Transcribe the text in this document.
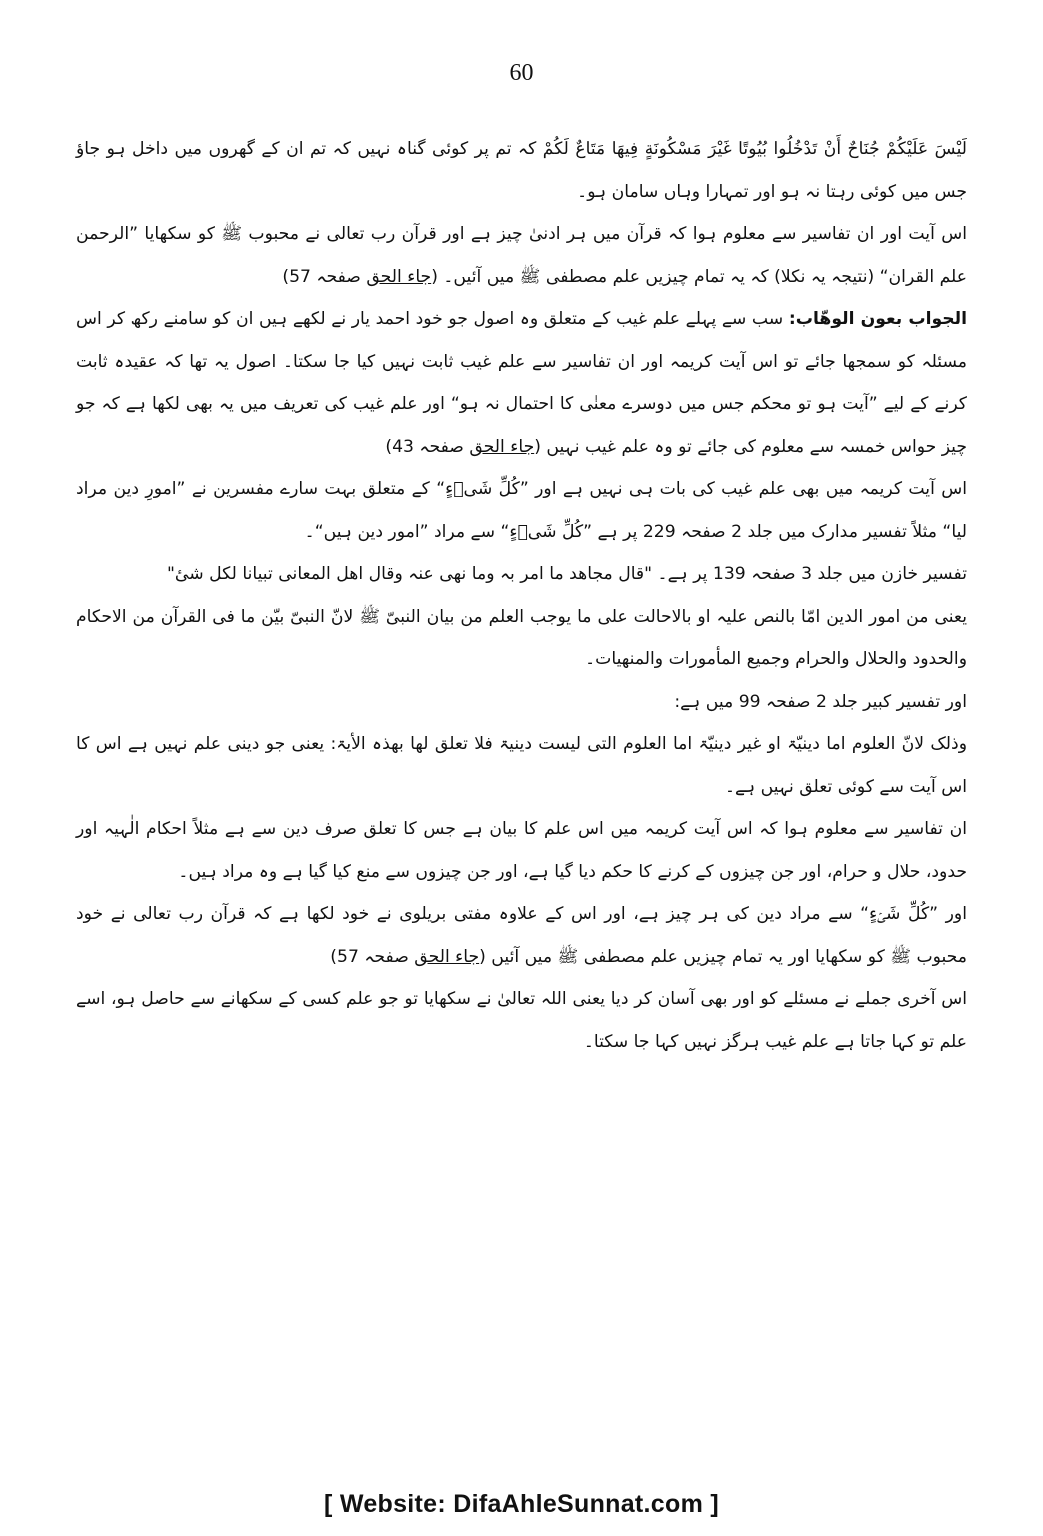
60

لَيْسَ عَلَيْكُمْ جُنَاحٌ أَنْ تَدْخُلُوا بُيُوتًا غَيْرَ مَسْكُونَةٍ فِيهَا مَتَاعٌ لَكُمْ کہ تم پر کوئی گناہ نہیں کہ تم ان کے گھروں میں داخل ہو جاؤ جس میں کوئی رہتا نہ ہو اور تمہارا وہاں سامان ہو۔

اس آیت اور ان تفاسیر سے معلوم ہوا کہ قرآن میں ہر ادنیٰ چیز ہے اور قرآن رب تعالی نے محبوب ﷺ کو سکھایا ”الرحمن علم القران“ (نتیجہ یہ نکلا) کہ یہ تمام چیزیں علم مصطفی ﷺ میں آئیں۔ (جاء الحق صفحہ 57)

الجواب بعون الوھّاب: سب سے پہلے علم غیب کے متعلق وہ اصول جو خود احمد یار نے لکھے ہیں ان کو سامنے رکھ کر اس مسئلہ کو سمجھا جائے تو اس آیت کریمہ اور ان تفاسیر سے علم غیب ثابت نہیں کیا جا سکتا۔ اصول یہ تھا کہ عقیدہ ثابت کرنے کے لیے ”آیت ہو تو محکم جس میں دوسرے معنٰی کا احتمال نہ ہو“ اور علم غیب کی تعریف میں یہ بھی لکھا ہے کہ جو چیز حواس خمسہ سے معلوم کی جائے تو وہ علم غیب نہیں (جاء الحق صفحہ 43)

اس آیت کریمہ میں بھی علم غیب کی بات ہی نہیں ہے اور ”کُلِّ شَیۡءٍ“ کے متعلق بہت سارے مفسرین نے ”امورِ دین مراد لیا“ مثلاً تفسیر مدارک میں جلد 2 صفحہ 229 پر ہے ”کُلِّ شَیۡءٍ“ سے مراد ”امور دین ہیں“۔

تفسیر خازن میں جلد 3 صفحہ 139 پر ہے۔ "قال مجاھد ما امر بہ وما نھی عنہ وقال اھل المعانی تبیانا لکل شیٔ"

یعنی من امور الدین امّا بالنص علیہ او بالاحالت علی ما یوجب العلم من بیان النبیّ ﷺ لانّ النبیّ بیّن ما فی القرآن من الاحکام والحدود والحلال والحرام وجمیع المأمورات والمنھیات۔

اور تفسیر کبیر جلد 2 صفحہ 99 میں ہے:

وذلک لانّ العلوم اما دینیّۃ او غیر دینیّۃ اما العلوم التی لیست دینیۃ فلا تعلق لھا بھذہ الأیۃ: یعنی جو دینی علم نہیں ہے اس کا اس آیت سے کوئی تعلق نہیں ہے۔

ان تفاسیر سے معلوم ہوا کہ اس آیت کریمہ میں اس علم کا بیان ہے جس کا تعلق صرف دین سے ہے مثلاً احکام الٰہیہ اور حدود، حلال و حرام، اور جن چیزوں کے کرنے کا حکم دیا گیا ہے، اور جن چیزوں سے منع کیا گیا ہے وہ مراد ہیں۔

اور ”کُلِّ شَیۡءٍ“ سے مراد دین کی ہر چیز ہے، اور اس کے علاوہ مفتی بریلوی نے خود لکھا ہے کہ قرآن رب تعالی نے خود محبوب ﷺ کو سکھایا اور یہ تمام چیزیں علم مصطفی ﷺ میں آئیں (جاء الحق صفحہ 57)

اس آخری جملے نے مسئلے کو اور بھی آسان کر دیا یعنی اللہ تعالیٰ نے سکھایا تو جو علم کسی کے سکھانے سے حاصل ہو، اسے علم تو کہا جاتا ہے علم غیب ہرگز نہیں کہا جا سکتا۔

[ Website: DifaAhleSunnat.com ]
